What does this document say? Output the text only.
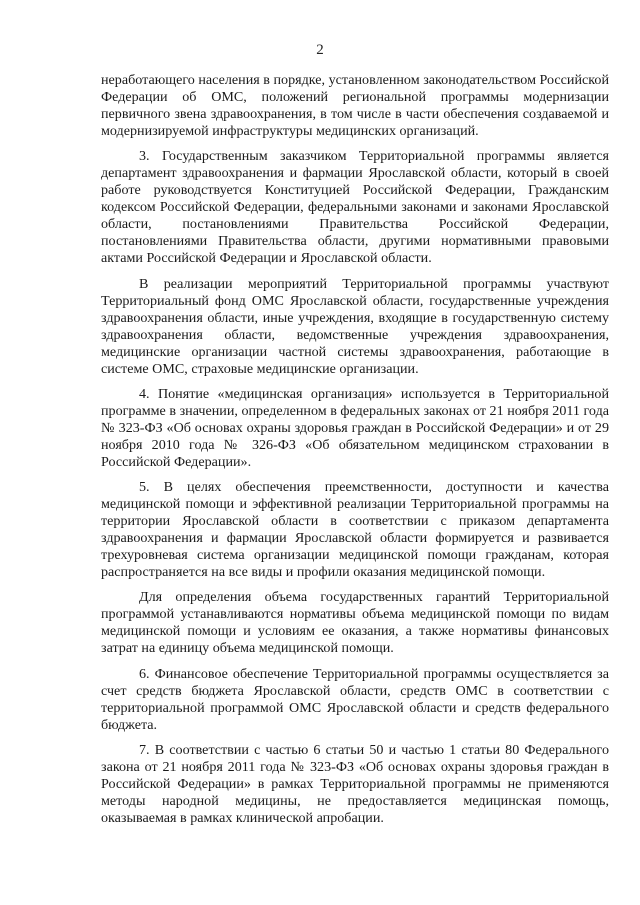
2

неработающего населения в порядке, установленном законодательством Российской Федерации об ОМС, положений региональной программы модернизации первичного звена здравоохранения, в том числе в части обеспечения создаваемой и модернизируемой инфраструктуры медицинских организаций.

3. Государственным заказчиком Территориальной программы является департамент здравоохранения и фармации Ярославской области, который в своей работе руководствуется Конституцией Российской Федерации, Гражданским кодексом Российской Федерации, федеральными законами и законами Ярославской области, постановлениями Правительства Российской Федерации, постановлениями Правительства области, другими нормативными правовыми актами Российской Федерации и Ярославской области.

В реализации мероприятий Территориальной программы участвуют Территориальный фонд ОМС Ярославской области, государственные учреждения здравоохранения области, иные учреждения, входящие в государственную систему здравоохранения области, ведомственные учреждения здравоохранения, медицинские организации частной системы здравоохранения, работающие в системе ОМС, страховые медицинские организации.

4. Понятие «медицинская организация» используется в Территориальной программе в значении, определенном в федеральных законах от 21 ноября 2011 года № 323-ФЗ «Об основах охраны здоровья граждан в Российской Федерации» и от 29 ноября 2010 года № 326-ФЗ «Об обязательном медицинском страховании в Российской Федерации».

5. В целях обеспечения преемственности, доступности и качества медицинской помощи и эффективной реализации Территориальной программы на территории Ярославской области в соответствии с приказом департамента здравоохранения и фармации Ярославской области формируется и развивается трехуровневая система организации медицинской помощи гражданам, которая распространяется на все виды и профили оказания медицинской помощи.

Для определения объема государственных гарантий Территориальной программой устанавливаются нормативы объема медицинской помощи по видам медицинской помощи и условиям ее оказания, а также нормативы финансовых затрат на единицу объема медицинской помощи.

6. Финансовое обеспечение Территориальной программы осуществляется за счет средств бюджета Ярославской области, средств ОМС в соответствии с территориальной программой ОМС Ярославской области и средств федерального бюджета.

7. В соответствии с частью 6 статьи 50 и частью 1 статьи 80 Федерального закона от 21 ноября 2011 года № 323-ФЗ «Об основах охраны здоровья граждан в Российской Федерации» в рамках Территориальной программы не применяются методы народной медицины, не предоставляется медицинская помощь, оказываемая в рамках клинической апробации.
